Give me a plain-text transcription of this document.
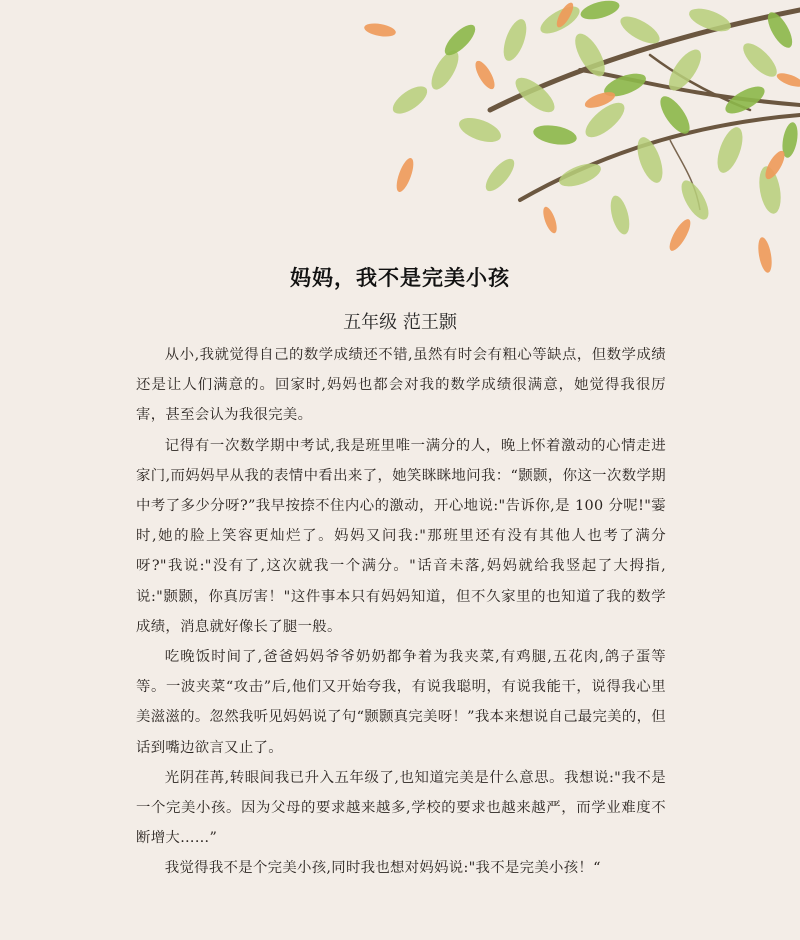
妈妈，我不是完美小孩
五年级 范王颢

从小,我就觉得自己的数学成绩还不错,虽然有时会有粗心等缺点，但数学成绩还是让人们满意的。回家时,妈妈也都会对我的数学成绩很满意，她觉得我很厉害，甚至会认为我很完美。

记得有一次数学期中考试,我是班里唯一满分的人，晚上怀着激动的心情走进家门,而妈妈早从我的表情中看出来了，她笑眯眯地问我：“颢颢，你这一次数学期中考了多少分呀?”我早按捺不住内心的激动，开心地说:"告诉你,是 100 分呢!"霎时,她的脸上笑容更灿烂了。妈妈又问我:"那班里还有没有其他人也考了满分呀?"我说:"没有了,这次就我一个满分。"话音未落,妈妈就给我竖起了大拇指,说:"颢颢，你真厉害！"这件事本只有妈妈知道，但不久家里的也知道了我的数学成绩，消息就好像长了腿一般。

吃晚饭时间了,爸爸妈妈爷爷奶奶都争着为我夹菜,有鸡腿,五花肉,鸽子蛋等等。一波夹菜“攻击”后,他们又开始夸我，有说我聪明，有说我能干，说得我心里美滋滋的。忽然我听见妈妈说了句“颢颢真完美呀！”我本来想说自己最完美的，但话到嘴边欲言又止了。

光阴荏苒,转眼间我已升入五年级了,也知道完美是什么意思。我想说:"我不是一个完美小孩。因为父母的要求越来越多,学校的要求也越来越严，而学业难度不断增大……”

我觉得我不是个完美小孩,同时我也想对妈妈说:"我不是完美小孩！“
